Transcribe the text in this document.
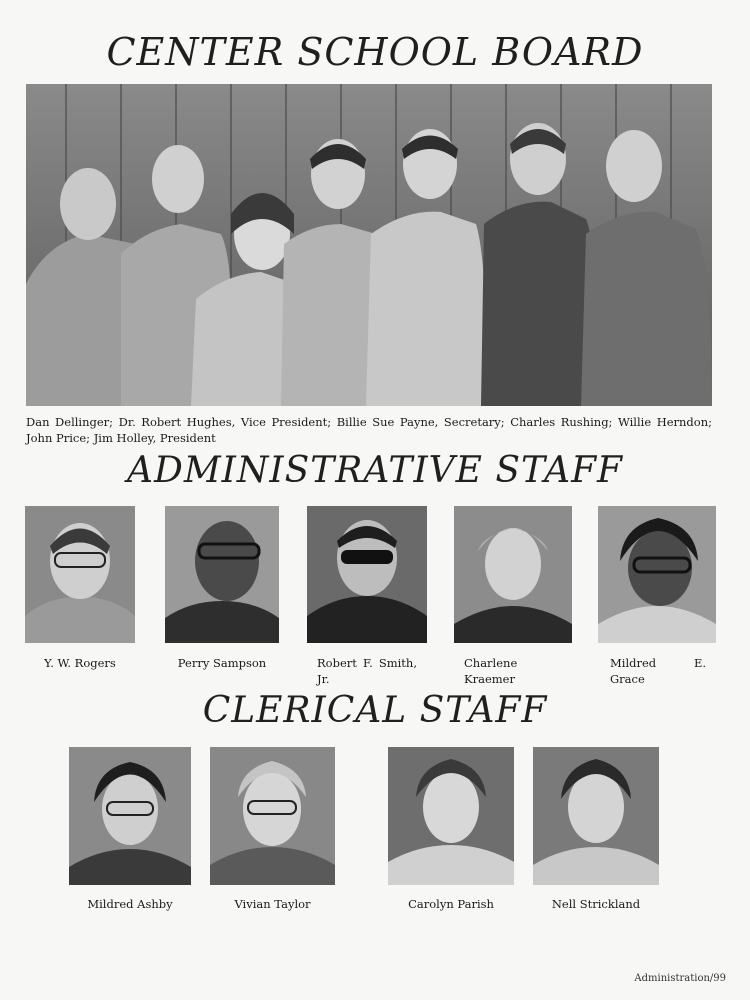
CENTER SCHOOL BOARD
ADMINISTRATIVE STAFF
CLERICAL STAFF
Dan Dellinger; Dr. Robert Hughes, Vice President; Billie Sue Payne, Secretary; Charles Rushing; Willie Herndon; John Price; Jim Holley, President
Y. W. Rogers	Perry Sampson	Robert F. Smith, Jr.
Charlene Kraemer
Mildred E. Grace
Mildred Ashby	Vivian Taylor	Carolyn Parish	Nell Strickland
Administration/99
